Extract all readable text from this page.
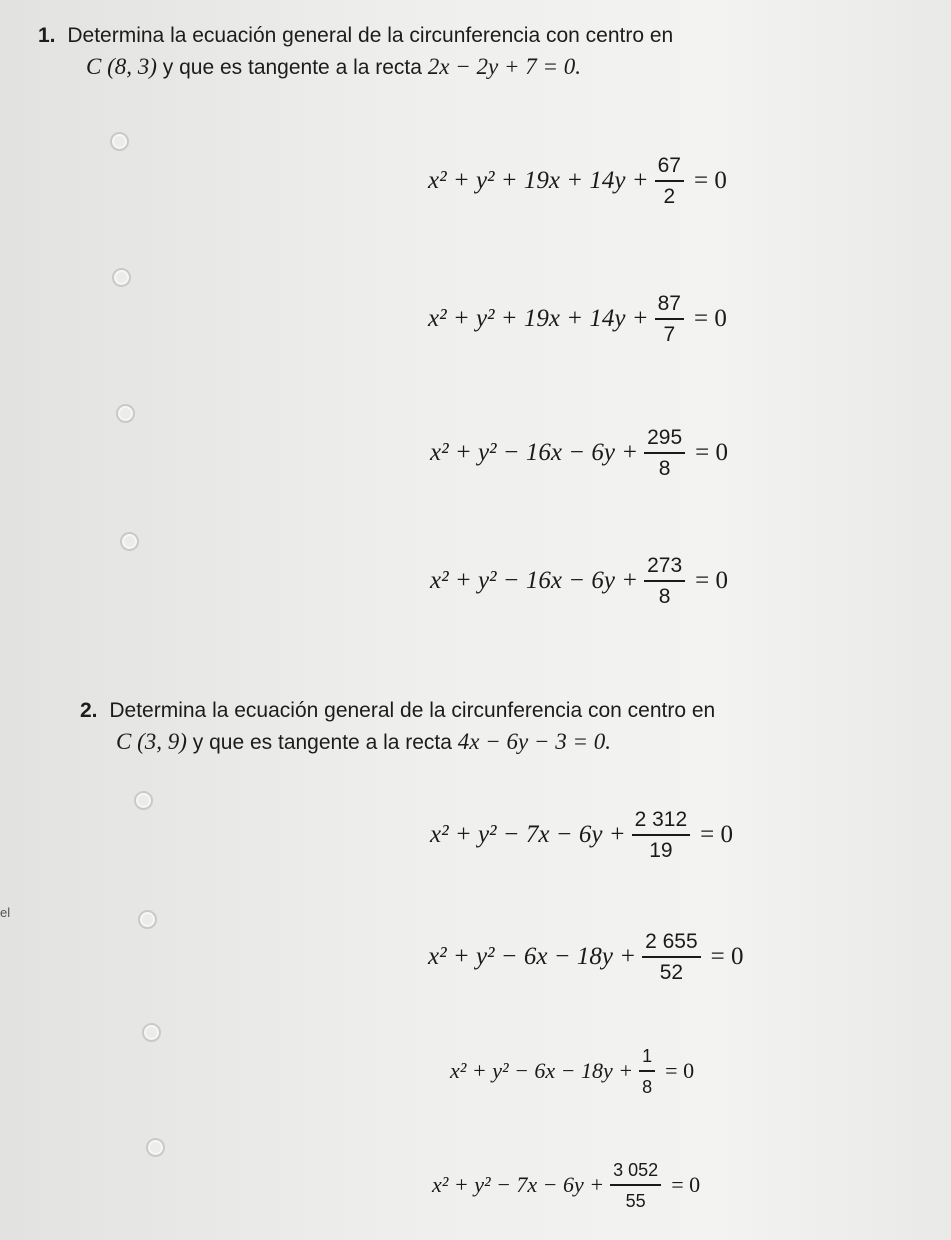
1. Determina la ecuación general de la circunferencia con centro en
C (8, 3) y que es tangente a la recta 2x − 2y + 7 = 0.
$x^2 + y^2 + 19x + 14y + \frac{67}{2} = 0$
$x^2 + y^2 + 19x + 14y + \frac{87}{7} = 0$
$x^2 + y^2 - 16x - 6y + \frac{295}{8} = 0$
$x^2 + y^2 - 16x - 6y + \frac{273}{8} = 0$
2. Determina la ecuación general de la circunferencia con centro en
C (3, 9) y que es tangente a la recta 4x − 6y − 3 = 0.
el
$x^2 + y^2 - 7x - 6y + \frac{2 312}{19} = 0$
$x^2 + y^2 - 6x - 18y + \frac{2 655}{52} = 0$
$x^2 + y^2 - 6x - 18y + \frac{1}{8} = 0$
$x^2 + y^2 - 7x - 6y + \frac{3 052}{55} = 0$
